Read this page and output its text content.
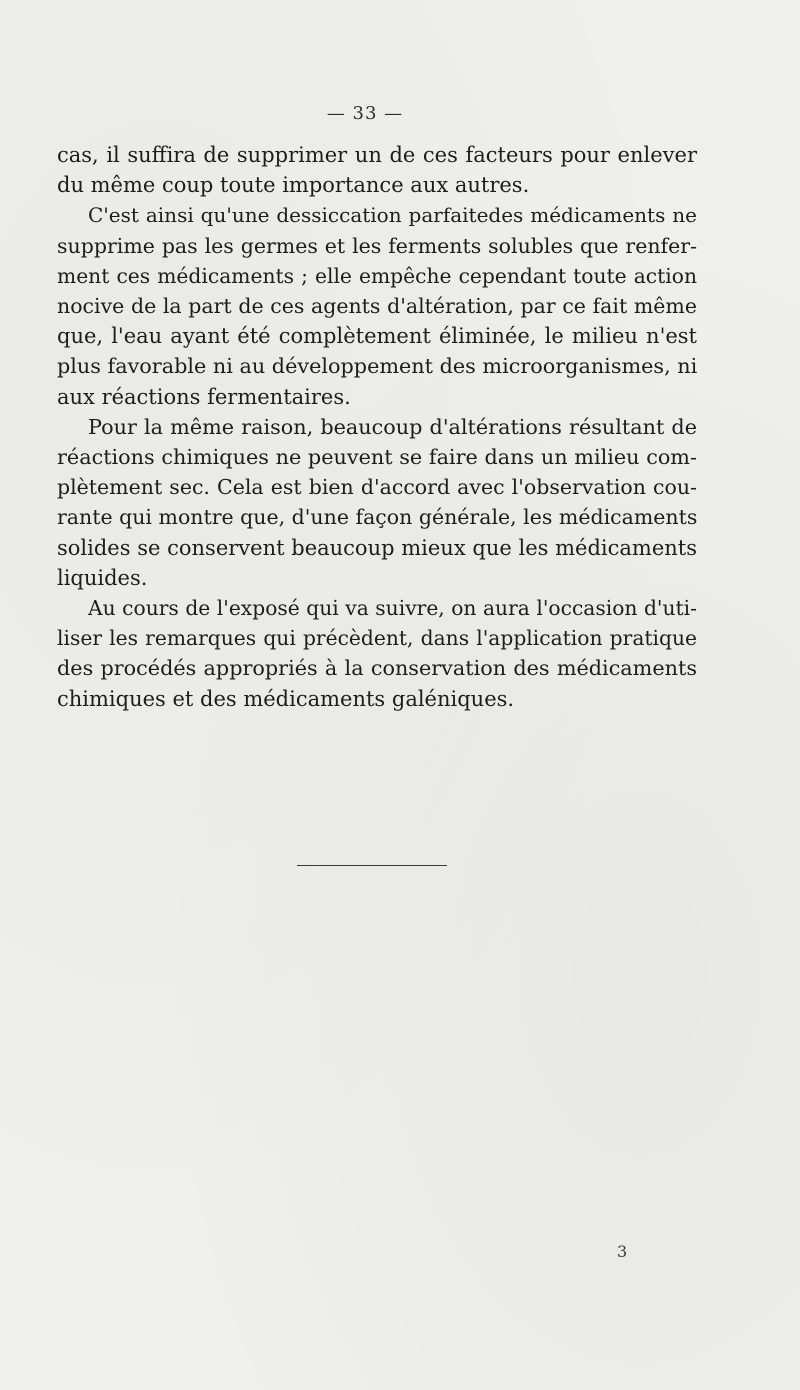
— 33 —

cas, il suffira de supprimer un de ces facteurs pour enlever
du même coup toute importance aux autres.

C'est ainsi qu'une dessiccation parfaitedes médicaments ne
supprime pas les germes et les ferments solubles que renfer-
ment ces médicaments ; elle empêche cependant toute action
nocive de la part de ces agents d'altération, par ce fait même
que, l'eau ayant été complètement éliminée, le milieu n'est
plus favorable ni au développement des microorganismes, ni
aux réactions fermentaires.

Pour la même raison, beaucoup d'altérations résultant de
réactions chimiques ne peuvent se faire dans un milieu com-
plètement sec. Cela est bien d'accord avec l'observation cou-
rante qui montre que, d'une façon générale, les médicaments
solides se conservent beaucoup mieux que les médicaments
liquides.

Au cours de l'exposé qui va suivre, on aura l'occasion d'uti-
liser les remarques qui précèdent, dans l'application pratique
des procédés appropriés à la conservation des médicaments
chimiques et des médicaments galéniques.

3
